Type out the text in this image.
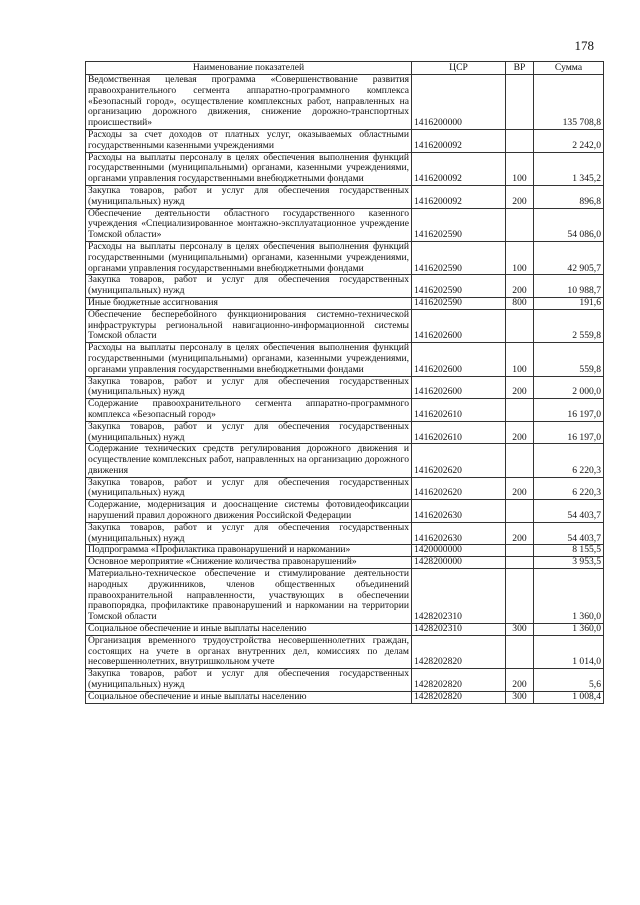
178
Наименование показателей	ЦСР	ВР	Сумма
Ведомственная целевая программа «Совершенствование развития правоохранительного сегмента аппаратно-программного комплекса «Безопасный город», осуществление комплексных работ, направленных на организацию дорожного движения, снижение дорожно-транспортных происшествий»	1416200000		135 708,8
Расходы за счет доходов от платных услуг, оказываемых областными государственными казенными учреждениями	1416200092		2 242,0
Расходы на выплаты персоналу в целях обеспечения выполнения функций государственными (муниципальными) органами, казенными учреждениями, органами управления государственными внебюджетными фондами	1416200092	100	1 345,2
Закупка товаров, работ и услуг для обеспечения государственных (муниципальных) нужд	1416200092	200	896,8
Обеспечение деятельности областного государственного казенного учреждения «Специализированное монтажно-эксплуатационное учреждение Томской области»	1416202590		54 086,0
Расходы на выплаты персоналу в целях обеспечения выполнения функций государственными (муниципальными) органами, казенными учреждениями, органами управления государственными внебюджетными фондами	1416202590	100	42 905,7
Закупка товаров, работ и услуг для обеспечения государственных (муниципальных) нужд	1416202590	200	10 988,7
Иные бюджетные ассигнования	1416202590	800	191,6
Обеспечение бесперебойного функционирования системно-технической инфраструктуры региональной навигационно-информационной системы Томской области	1416202600		2 559,8
Расходы на выплаты персоналу в целях обеспечения выполнения функций государственными (муниципальными) органами, казенными учреждениями, органами управления государственными внебюджетными фондами	1416202600	100	559,8
Закупка товаров, работ и услуг для обеспечения государственных (муниципальных) нужд	1416202600	200	2 000,0
Содержание правоохранительного сегмента аппаратно-программного комплекса «Безопасный город»	1416202610		16 197,0
Закупка товаров, работ и услуг для обеспечения государственных (муниципальных) нужд	1416202610	200	16 197,0
Содержание технических средств регулирования дорожного движения и осуществление комплексных работ, направленных на организацию дорожного движения	1416202620		6 220,3
Закупка товаров, работ и услуг для обеспечения государственных (муниципальных) нужд	1416202620	200	6 220,3
Содержание, модернизация и дооснащение системы фотовидеофиксации нарушений правил дорожного движения Российской Федерации	1416202630		54 403,7
Закупка товаров, работ и услуг для обеспечения государственных (муниципальных) нужд	1416202630	200	54 403,7
Подпрограмма «Профилактика правонарушений и наркомании»	1420000000		8 155,5
Основное мероприятие «Снижение количества правонарушений»	1428200000		3 953,5
Материально-техническое обеспечение и стимулирование деятельности народных дружинников, членов общественных объединений правоохранительной направленности, участвующих в обеспечении правопорядка, профилактике правонарушений и наркомании на территории Томской области	1428202310		1 360,0
Социальное обеспечение и иные выплаты населению	1428202310	300	1 360,0
Организация временного трудоустройства несовершеннолетних граждан, состоящих на учете в органах внутренних дел, комиссиях по делам несовершеннолетних, внутришкольном учете	1428202820		1 014,0
Закупка товаров, работ и услуг для обеспечения государственных (муниципальных) нужд	1428202820	200	5,6
Социальное обеспечение и иные выплаты населению	1428202820	300	1 008,4
